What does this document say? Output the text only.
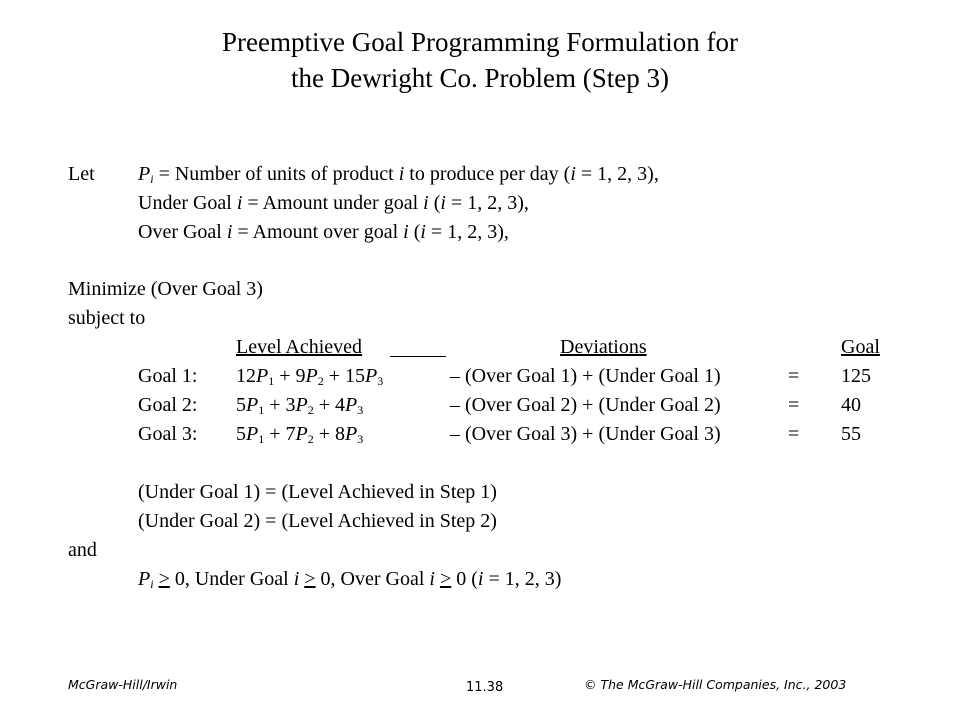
Preemptive Goal Programming Formulation for
the Dewright Co. Problem (Step 3)
Let $P_i$ = Number of units of product i to produce per day (i = 1, 2, 3),
Under Goal i = Amount under goal i (i = 1, 2, 3),
Over Goal i = Amount over goal i (i = 1, 2, 3),
Minimize (Over Goal 3)
subject to
Level Achieved	Deviations	Goal
Goal 1: $12P_1 + 9P_2 + 15P_3$	– (Over Goal 1) + (Under Goal 1)	= 125
Goal 2: $5P_1 + 3P_2 + 4P_3$	– (Over Goal 2) + (Under Goal 2)	= 40
Goal 3: $5P_1 + 7P_2 + 8P_3$	– (Over Goal 3) + (Under Goal 3)	= 55
(Under Goal 1) = (Level Achieved in Step 1)
(Under Goal 2) = (Level Achieved in Step 2)
and
$P_i > 0$, Under Goal i > 0, Over Goal i > 0 (i = 1, 2, 3)
McGraw-Hill/Irwin	11.38	© The McGraw-Hill Companies, Inc., 2003
